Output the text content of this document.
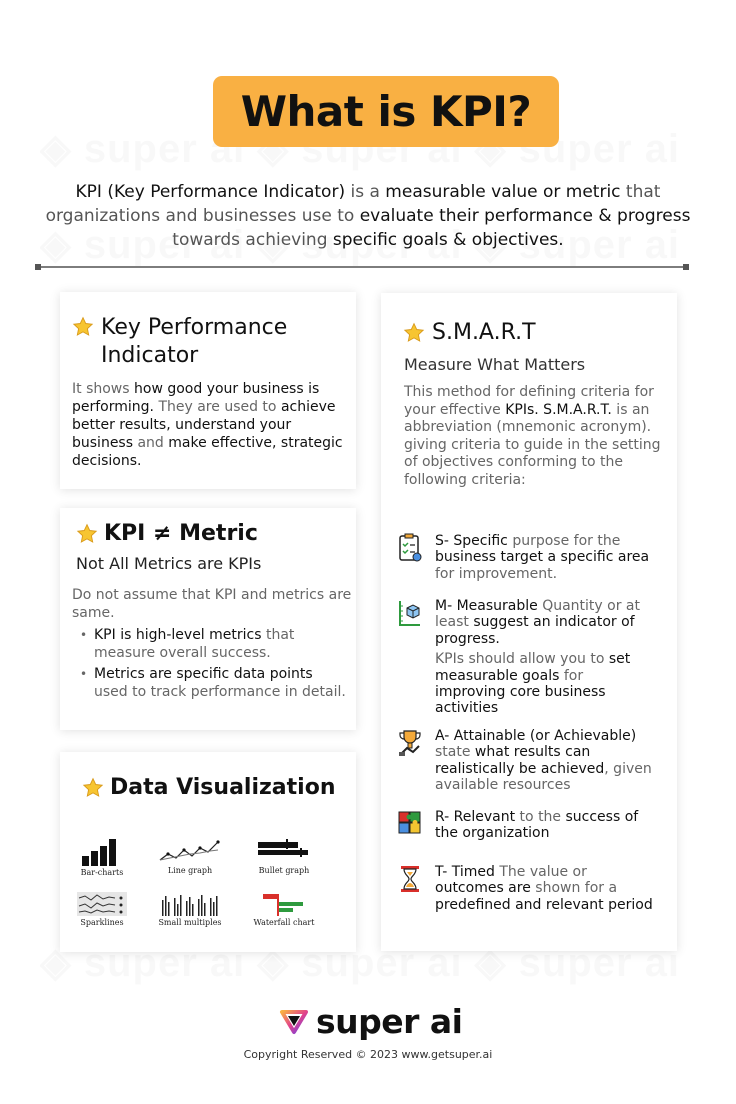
What is KPI?

KPI (Key Performance Indicator) is a measurable value or metric that organizations and businesses use to evaluate their performance & progress towards achieving specific goals & objectives.

Key Performance Indicator

It shows how good your business is performing. They are used to achieve better results, understand your business and make effective, strategic decisions.

KPI ≠ Metric
Not All Metrics are KPIs

Do not assume that KPI and metrics are same.

• KPI is high-level metrics that measure overall success.
• Metrics are specific data points used to track performance in detail.
Data Visualization
Bar-charts	Line graph	Bullet graph
Sparklines	Small multiples	Waterfall chart
S.M.A.R.T
Measure What Matters

This method for defining criteria for your effective KPIs. S.M.A.R.T. is an abbreviation (mnemonic acronym). giving criteria to guide in the setting of objectives conforming to the following criteria:

S- Specific purpose for the business target a specific area for improvement.

M- Measurable Quantity or at least suggest an indicator of progress.

KPIs should allow you to set measurable goals for improving core business activities

A- Attainable (or Achievable) state what results can realistically be achieved, given available resources

R- Relevant to the success of the organization

T- Timed The value or outcomes are shown for a predefined and relevant period

super ai
Copyright Reserved © 2023 www.getsuper.ai
